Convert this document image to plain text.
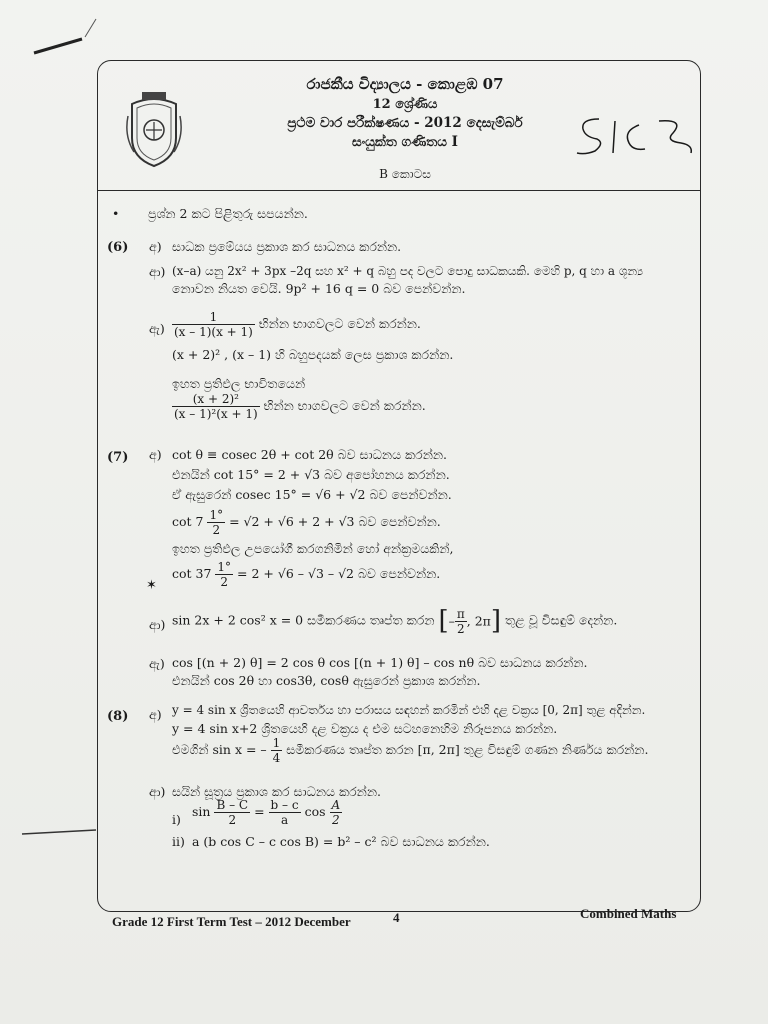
රාජකීය විද්‍යාලය - කොළඹ 07
12 ශ්‍රේණිය
ප්‍රථම වාර පරීක්ෂණය - 2012 දෙසැම්බර්
සංයුක්ත ගණිතය I
B කොටස
• ප්‍රශ්න 2 කට පිළිතුරු සපයන්න.
(6) අ) සාධක ප්‍රමේයය ප්‍රකාශ කර සාධනය කරන්න.
ආ) (x–a) යනු 2x² + 3px –2q සහ x² + q බහු පද වලට පොදු සාධකයකි. මෙහි p, q හා a ශූන්‍ය
නොවන නියත වෙයි. 9p² + 16 q = 0 බව පෙන්වන්න.
ඇ) $\frac{1}{(x - 1)(x + 1)}$ භින්න භාගවලට වෙන් කරන්න.
(x + 2)² , (x – 1) හි බහුපදයක් ලෙස ප්‍රකාශ කරන්න.
ඉහත ප්‍රතිඵල භාවිතයෙන්
$\frac{\text{(x + 2)²}}{\text{(x – 1)²(x + 1)}}$ භින්න භාගවලට වෙන් කරන්න.
(7) අ) cot θ ≡ cosec 2θ + cot 2θ බව සාධනය කරන්න.
එනයින් cot 15° = 2 + √3 බව අපෝහනය කරන්න.
ඒ ඇසුරෙන් cosec 15° = √6 + √2 බව පෙන්වන්න.
$\cot 7 \frac{1^\circ}{2} = √2 + √6 + 2 + √3$ බව පෙන්වන්න.
ඉහත ප්‍රතිඵල උපයෝගී කරගනිමින් හෝ අන්ක්‍රමයකින්,
✶
$\cot 37 \frac{1^\circ}{2} = 2 + √6 - √3 - √2$ බව පෙන්වන්න.
ආ) sin 2x + 2 cos² x = 0 සමීකරණය තෘප්ත කරන [– $\frac{\pi}{2}$ , 2π] තුළ වූ විසඳුම් දෙන්න.
ඇ) cos [(n + 2) θ] = 2 cos θ cos [(n + 1) θ] – cos nθ බව සාධනය කරන්න.
එනයින් cos 2θ හා cos3θ, cosθ ඇසුරෙන් ප්‍රකාශ කරන්න.
(8) අ) y = 4 sin x ශ්‍රිතයෙහි ආවර්තය හා පරාසය සඳහන් කරමින් එහි දළ වක්‍රය [0, 2π] තුළ අදින්න.
y = 4 sin x+2 ශ්‍රිතයෙහි දළ වක්‍රය ද එම සටහනෙහිම නිරූපනය කරන්න.
එමගින් sin x = – $\frac{1}{4}$ සමීකරණය තෘප්ත කරන [π, 2π] තුළ විසඳුම් ගණන නිර්ණය කරන්න.
ආ) සයින් සූත්‍රය ප්‍රකාශ කර සාධනය කරන්න.
i)
$\sin \frac{B - C}{2} = \frac{b - c}{a}$ $\cos \frac{A}{2}$
ii) a (b cos C – c cos B) = b² – c² බව සාධනය කරන්න.
Grade 12 First Term Test – 2012 December	4	Combined Maths
